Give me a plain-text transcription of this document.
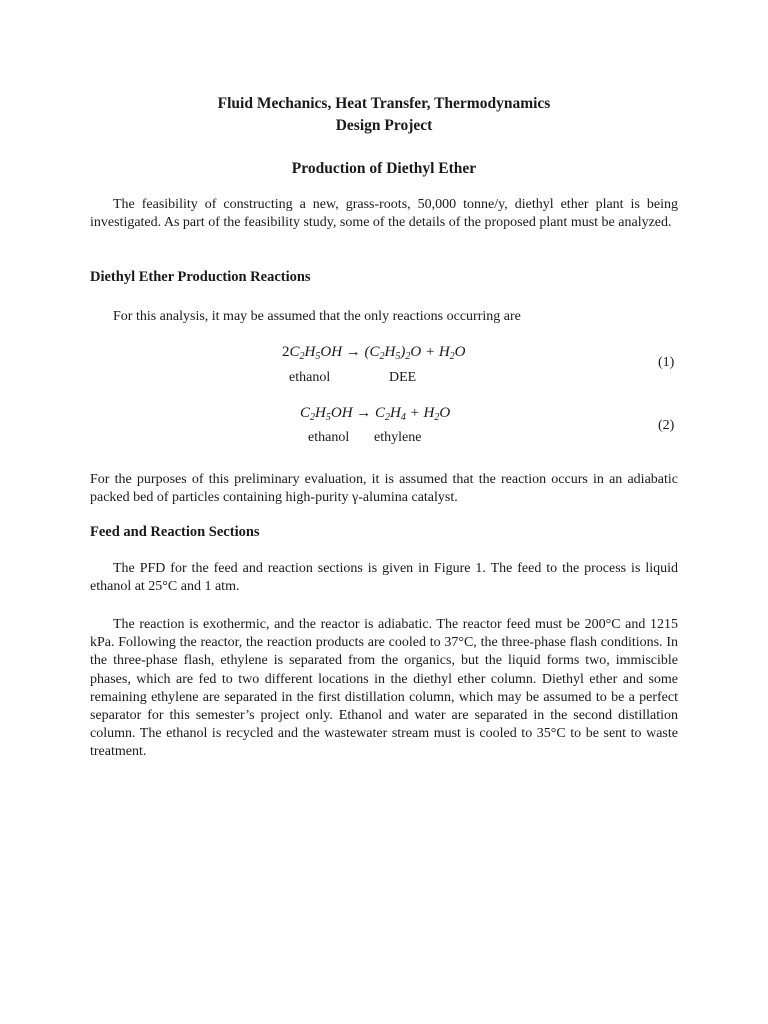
Fluid Mechanics, Heat Transfer, Thermodynamics
Design Project
Production of Diethyl Ether
The feasibility of constructing a new, grass-roots, 50,000 tonne/y, diethyl ether plant is being investigated. As part of the feasibility study, some of the details of the proposed plant must be analyzed.
Diethyl Ether Production Reactions
For this analysis, it may be assumed that the only reactions occurring are
$2C_2H_5OH \to (C_2H_5)_2O + H_2O$
ethanol	DEE
(1)
$C_2H_5OH \to C_2H_4 + H_2O$
ethanol ethylene
(2)
For the purposes of this preliminary evaluation, it is assumed that the reaction occurs in an adiabatic packed bed of particles containing high-purity γ-alumina catalyst.
Feed and Reaction Sections
The PFD for the feed and reaction sections is given in Figure 1. The feed to the process is liquid ethanol at 25°C and 1 atm.
The reaction is exothermic, and the reactor is adiabatic. The reactor feed must be 200°C and 1215 kPa. Following the reactor, the reaction products are cooled to 37°C, the three-phase flash conditions. In the three-phase flash, ethylene is separated from the organics, but the liquid forms two, immiscible phases, which are fed to two different locations in the diethyl ether column. Diethyl ether and some remaining ethylene are separated in the first distillation column, which may be assumed to be a perfect separator for this semester’s project only. Ethanol and water are separated in the second distillation column. The ethanol is recycled and the wastewater stream must is cooled to 35°C to be sent to waste treatment.
